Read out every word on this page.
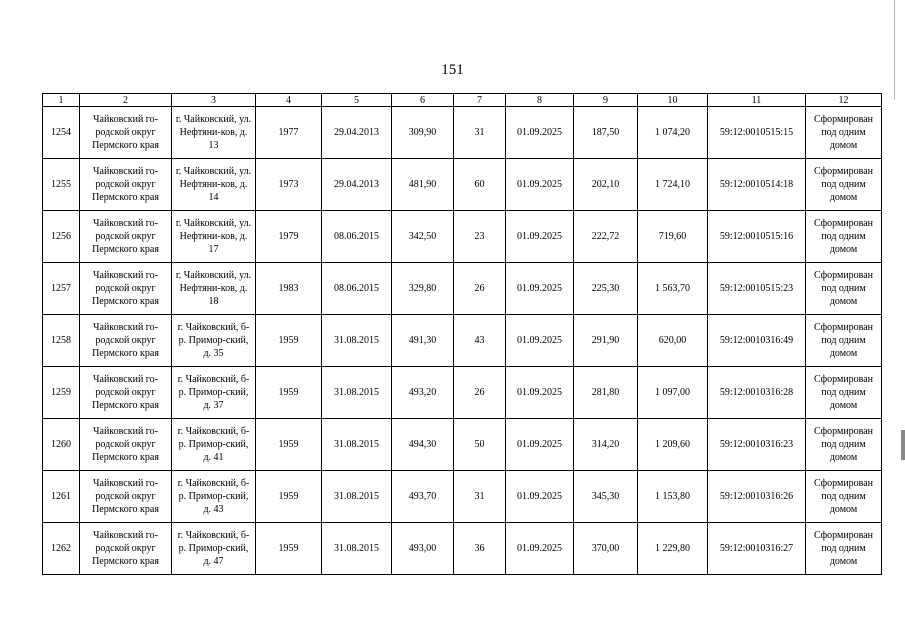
151
1	2	3	4	5	6	7	8	9	10	11	12
1254	Чайковский го-родской округ Пермского края	г. Чайковский, ул. Нефтяни-ков, д. 13	1977	29.04.2013	309,90	31	01.09.2025	187,50	1 074,20	59:12:0010515:15	Сформирован под одним домом
1255	Чайковский го-родской округ Пермского края	г. Чайковский, ул. Нефтяни-ков, д. 14	1973	29.04.2013	481,90	60	01.09.2025	202,10	1 724,10	59:12:0010514:18	Сформирован под одним домом
1256	Чайковский го-родской округ Пермского края	г. Чайковский, ул. Нефтяни-ков, д. 17	1979	08.06.2015	342,50	23	01.09.2025	222,72	719,60	59:12:0010515:16	Сформирован под одним домом
1257	Чайковский го-родской округ Пермского края	г. Чайковский, ул. Нефтяни-ков, д. 18	1983	08.06.2015	329,80	26	01.09.2025	225,30	1 563,70	59:12:0010515:23	Сформирован под одним домом
1258	Чайковский го-родской округ Пермского края	г. Чайковский, б-р. Примор-ский, д. 35	1959	31.08.2015	491,30	43	01.09.2025	291,90	620,00	59:12:0010316:49	Сформирован под одним домом
1259	Чайковский го-родской округ Пермского края	г. Чайковский, б-р. Примор-ский, д. 37	1959	31.08.2015	493,20	26	01.09.2025	281,80	1 097,00	59:12:0010316:28	Сформирован под одним домом
1260	Чайковский го-родской округ Пермского края	г. Чайковский, б-р. Примор-ский, д. 41	1959	31.08.2015	494,30	50	01.09.2025	314,20	1 209,60	59:12:0010316:23	Сформирован под одним домом
1261	Чайковский го-родской округ Пермского края	г. Чайковский, б-р. Примор-ский, д. 43	1959	31.08.2015	493,70	31	01.09.2025	345,30	1 153,80	59:12:0010316:26	Сформирован под одним домом
1262	Чайковский го-родской округ Пермского края	г. Чайковский, б-р. Примор-ский, д. 47	1959	31.08.2015	493,00	36	01.09.2025	370,00	1 229,80	59:12:0010316:27	Сформирован под одним домом
